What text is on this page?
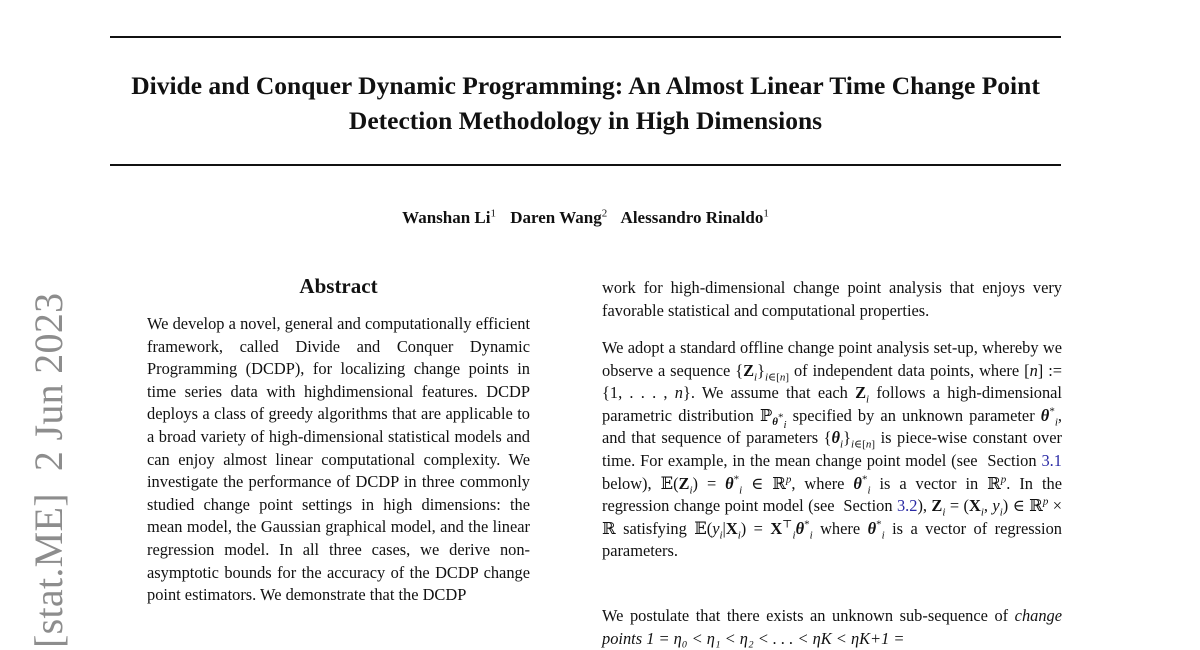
Divide and Conquer Dynamic Programming: An Almost Linear Time Change Point Detection Methodology in High Dimensions
Wanshan Li$^1$ Daren Wang$^2$ Alessandro Rinaldo$^1$
[stat.ME]2 Jun 2023
Abstract
We develop a novel, general and computationally efficient framework, called Divide and Conquer Dynamic Programming (DCDP), for localizing change points in time series data with highdimensional features. DCDP deploys a class of greedy algorithms that are applicable to a broad variety of high-dimensional statistical models and can enjoy almost linear computational complexity. We investigate the performance of DCDP in three commonly studied change point settings in high dimensions: the mean model, the Gaussian graphical model, and the linear regression model. In all three cases, we derive non-asymptotic bounds for the accuracy of the DCDP change point estimators. We demonstrate that the DCDP
work for high-dimensional change point analysis that enjoys very favorable statistical and computational properties.
We adopt a standard offline change point analysis set-up, whereby we observe a sequence $\{Z_i\}_{i\in[n]}$ of independent data points, where [n] := {1, . . . , n}. We assume that each $Z_i$ follows a high-dimensional parametric distribution ℙ$_{\theta^*_i}$ specified by an unknown parameter $\theta^*_i$, and that sequence of parameters $\{\theta_i\}_{i\in[n]}$ is piece-wise constant over time. For example, in the mean change point model (see  Section 3.1 below), $𝔼(Z_i) = \theta^*_i$ ∈ ℝ$^p$, where $\theta^*_i$ is a vector in ℝ$^p$. In the regression change point model (see  Section 3.2), $Z_i = (X_i$, $y_i$) ∈ ℝ$^p$ × ℝ satisfying $𝔼(y_i|X_i) = X^⊤_i\theta^*_i$ where $\theta^*_i$ is a vector of regression parameters.
We postulate that there exists an unknown sub-sequence of change points 1 = η₀ < η₁ < η₂ < . . . < ηK < ηK+1 =
